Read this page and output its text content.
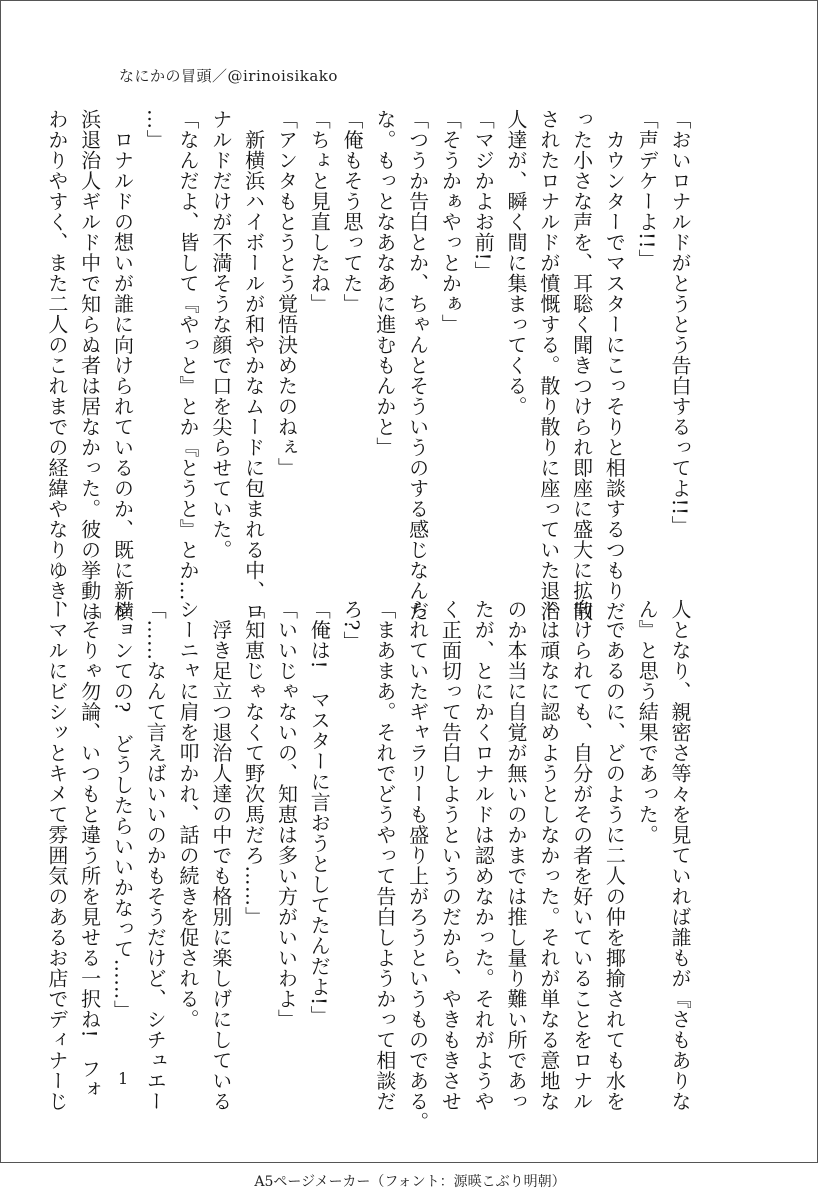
なにかの冒頭／@irinoisikako
「おいロナルドがとうとう告白するってよ!!」
「声デケーよ!!」
　カウンターでマスターにこっそりと相談するつもりだ
った小さな声を、耳聡く聞きつけられ即座に盛大に拡散
されたロナルドが憤慨する。散り散りに座っていた退治
人達が、瞬く間に集まってくる。
「マジかよお前!」
「そうかぁやっとかぁ」
「つうか告白とか、ちゃんとそういうのする感じなんだ
な。もっとなあなあに進むもんかと」
「俺もそう思ってた」
「ちょと見直したね」
「アンタもとうとう覚悟決めたのねぇ」
　新横浜ハイボールが和やかなムードに包まれる中、ロ
ナルドだけが不満そうな顔で口を尖らせていた。
「なんだよ、皆して『やっと』とか『とうと』とか…
…」
　ロナルドの想いが誰に向けられているのか、既に新横
浜退治人ギルド中で知らぬ者は居なかった。彼の挙動は
わかりやすく、また二人のこれまでの経緯やなりゆき、
人となり、親密さ等々を見ていれば誰もが『さもありな
ん』と思う結果であった。
　であるのに、どのように二人の仲を揶揄されても水を
向けられても、自分がその者を好いていることをロナル
ドは頑なに認めようとしなかった。それが単なる意地な
のか本当に自覚が無いのかまでは推し量り難い所であっ
たが、とにかくロナルドは認めなかった。それがようや
く正面切って告白しようというのだから、やきもきさせ
られていたギャラリーも盛り上がろうというものである。
「まあまあ。それでどうやって告白しようかって相談だ
ろ?」
「俺は!　マスターに言おうとしてたんだよ!」
「いいじゃないの、知恵は多い方がいいわよ」
「知恵じゃなくて野次馬だろ……」
　浮き足立つ退治人達の中でも格別に楽しげにしている
シーニャに肩を叩かれ、話の続きを促される。
「……なんて言えばいいのかもそうだけど、シチュエー
ションての?　どうしたらいいかなって……」
「そりゃ勿論、いつもと違う所を見せる一択ね!　フォ
ーマルにビシッとキメて雰囲気のあるお店でディナーじ	1
A5ページメーカー（フォント：源暎こぶり明朝）
